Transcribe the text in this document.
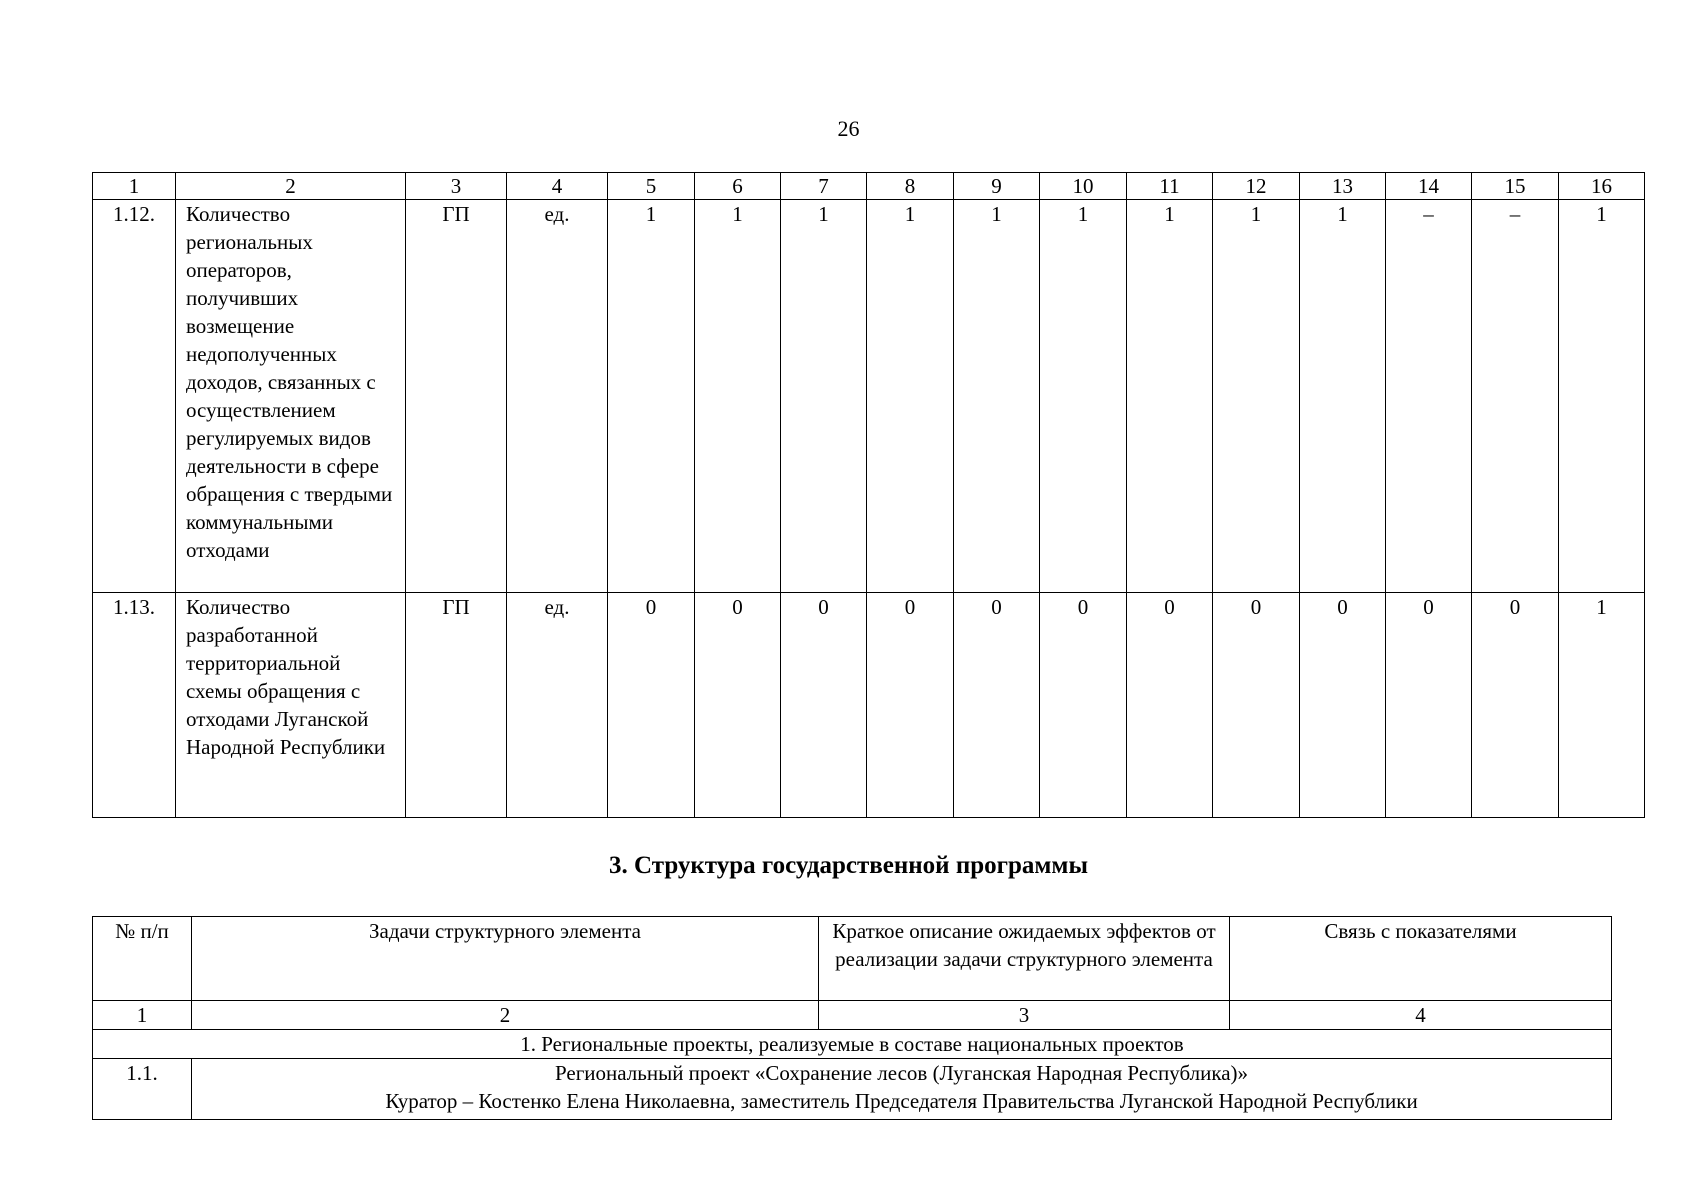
26
1	2	3	4	5	6	7	8	9	10	11	12	13	14	15	16
1.12.	Количество региональных операторов, получивших возмещение недополученных доходов, связанных с осуществлением регулируемых видов деятельности в сфере обращения с твердыми коммунальными отходами	ГП	ед.	1	1	1	1	1	1	1	1	1	–	–	1
1.13.	Количество разработанной территориальной схемы обращения с отходами Луганской Народной Республики	ГП	ед.	0	0	0	0	0	0	0	0	0	0	0	1
3. Структура государственной программы
№ п/п	Задачи структурного элемента	Краткое описание ожидаемых эффектов от реализации задачи структурного элемента	Связь с показателями
1	2	3	4
1. Региональные проекты, реализуемые в составе национальных проектов			
1.1.	Региональный проект «Сохранение лесов (Луганская Народная Республика)»
Куратор – Костенко Елена Николаевна, заместитель Председателя Правительства Луганской Народной Республики		
